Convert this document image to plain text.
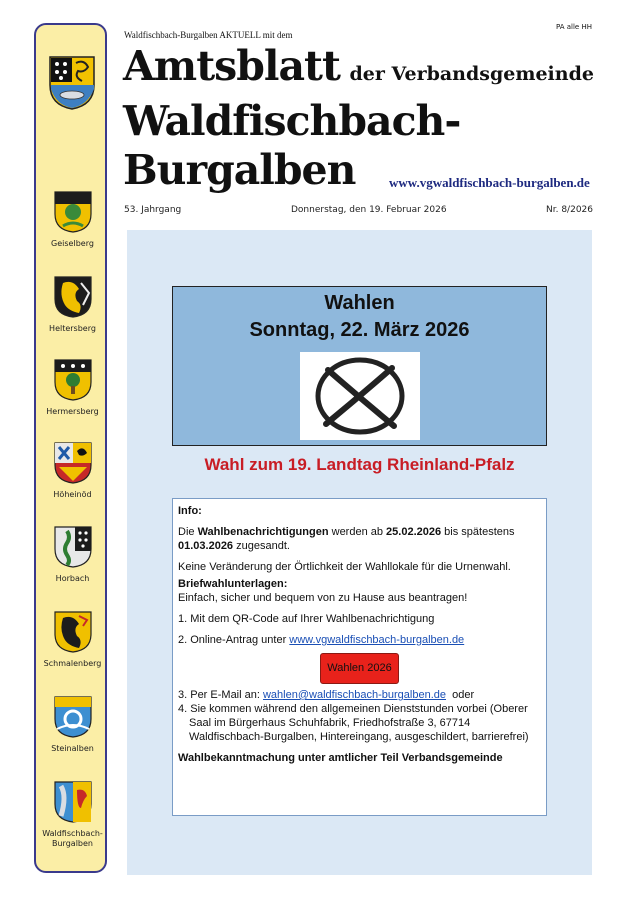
Geiselberg
Heltersberg
Hermersberg
Höheinöd
Horbach
Schmalenberg
Steinalben
Waldfischbach-
Burgalben
Waldfischbach-Burgalben AKTUELL mit dem
PA alle HH
Amtsblatt der Verbandsgemeinde
Waldfischbach-
Burgalben	www.vgwaldfischbach-burgalben.de
53. Jahrgang	Donnerstag, den 19. Februar 2026	Nr. 8/2026
Wahlen
Sonntag, 22. März 2026
Wahl zum 19. Landtag Rheinland-Pfalz

Info:

Die Wahlbenachrichtigungen werden ab 25.02.2026 bis spätestens
01.03.2026 zugesandt.

Keine Veränderung der Örtlichkeit der Wahllokale für die Urnenwahl.

Briefwahlunterlagen:

Einfach, sicher und bequem von zu Hause aus beantragen!

1. Mit dem QR-Code auf Ihrer Wahlbenachrichtigung

2. Online-Antrag unter www.vgwaldfischbach-burgalben.de

Wahlen 2026

3. Per E-Mail an: wahlen@waldfischbach-burgalben.de  oder

4. Sie kommen während den allgemeinen Dienststunden vorbei (Oberer Saal im Bürgerhaus Schuhfabrik, Friedhofstraße 3, 67714 Waldfischbach-Burgalben, Hintereingang, ausgeschildert, barrierefrei)

Wahlbekanntmachung unter amtlicher Teil Verbandsgemeinde
